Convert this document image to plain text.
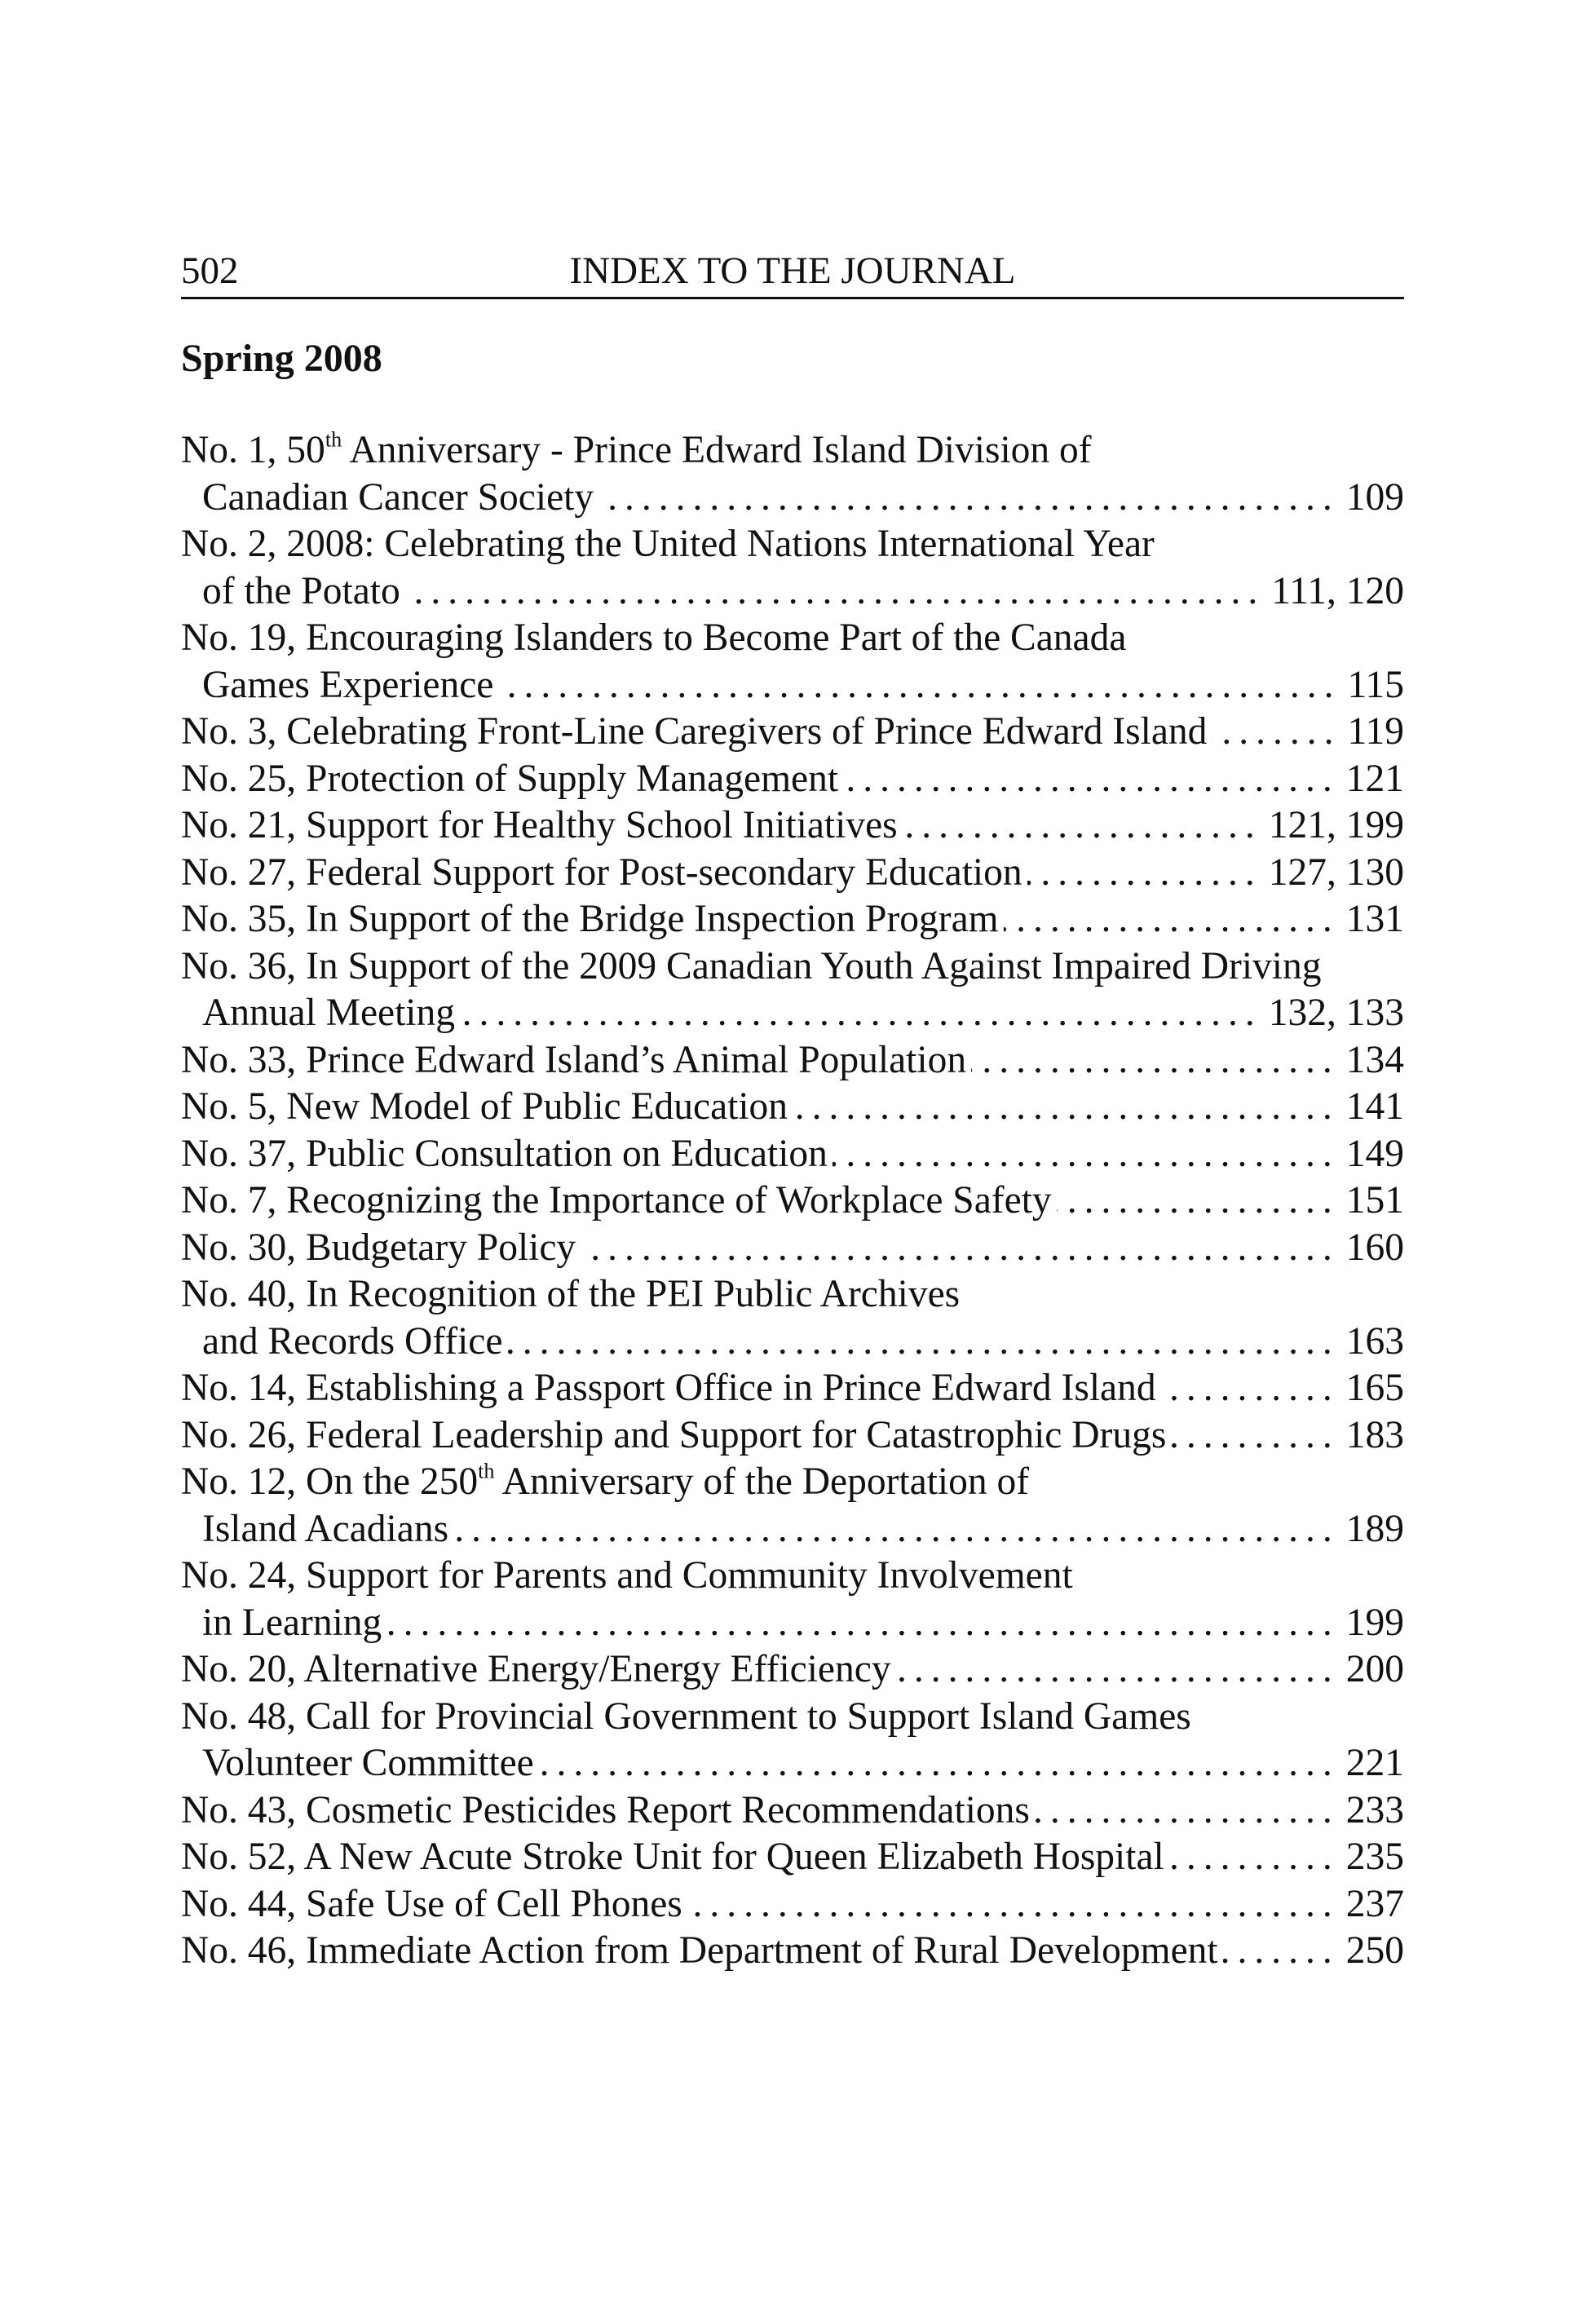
502	INDEX TO THE JOURNAL
Spring 2008
No. 1, 50th Anniversary - Prince Edward Island Division of
Canadian Cancer Society .....	109
No. 2, 2008: Celebrating the United Nations International Year
of the Potato .....	111, 120
No. 19, Encouraging Islanders to Become Part of the Canada
Games Experience .....	115
No. 3, Celebrating Front-Line Caregivers of Prince Edward Island .....	119
No. 25, Protection of Supply Management .....	121
No. 21, Support for Healthy School Initiatives .....	121, 199
No. 27, Federal Support for Post-secondary Education .....	127, 130
No. 35, In Support of the Bridge Inspection Program .....	131
No. 36, In Support of the 2009 Canadian Youth Against Impaired Driving
Annual Meeting .....	132, 133
No. 33, Prince Edward Island’s Animal Population .....	134
No. 5, New Model of Public Education .....	141
No. 37, Public Consultation on Education .....	149
No. 7, Recognizing the Importance of Workplace Safety .....	151
No. 30, Budgetary Policy .....	160
No. 40, In Recognition of the PEI Public Archives
and Records Office .....	163
No. 14, Establishing a Passport Office in Prince Edward Island .....	165
No. 26, Federal Leadership and Support for Catastrophic Drugs .....	183
No. 12, On the 250th Anniversary of the Deportation of
Island Acadians .....	189
No. 24, Support for Parents and Community Involvement
in Learning .....	199
No. 20, Alternative Energy/Energy Efficiency .....	200
No. 48, Call for Provincial Government to Support Island Games
Volunteer Committee .....	221
No. 43, Cosmetic Pesticides Report Recommendations .....	233
No. 52, A New Acute Stroke Unit for Queen Elizabeth Hospital .....	235
No. 44, Safe Use of Cell Phones .....	237
No. 46, Immediate Action from Department of Rural Development .....	250
